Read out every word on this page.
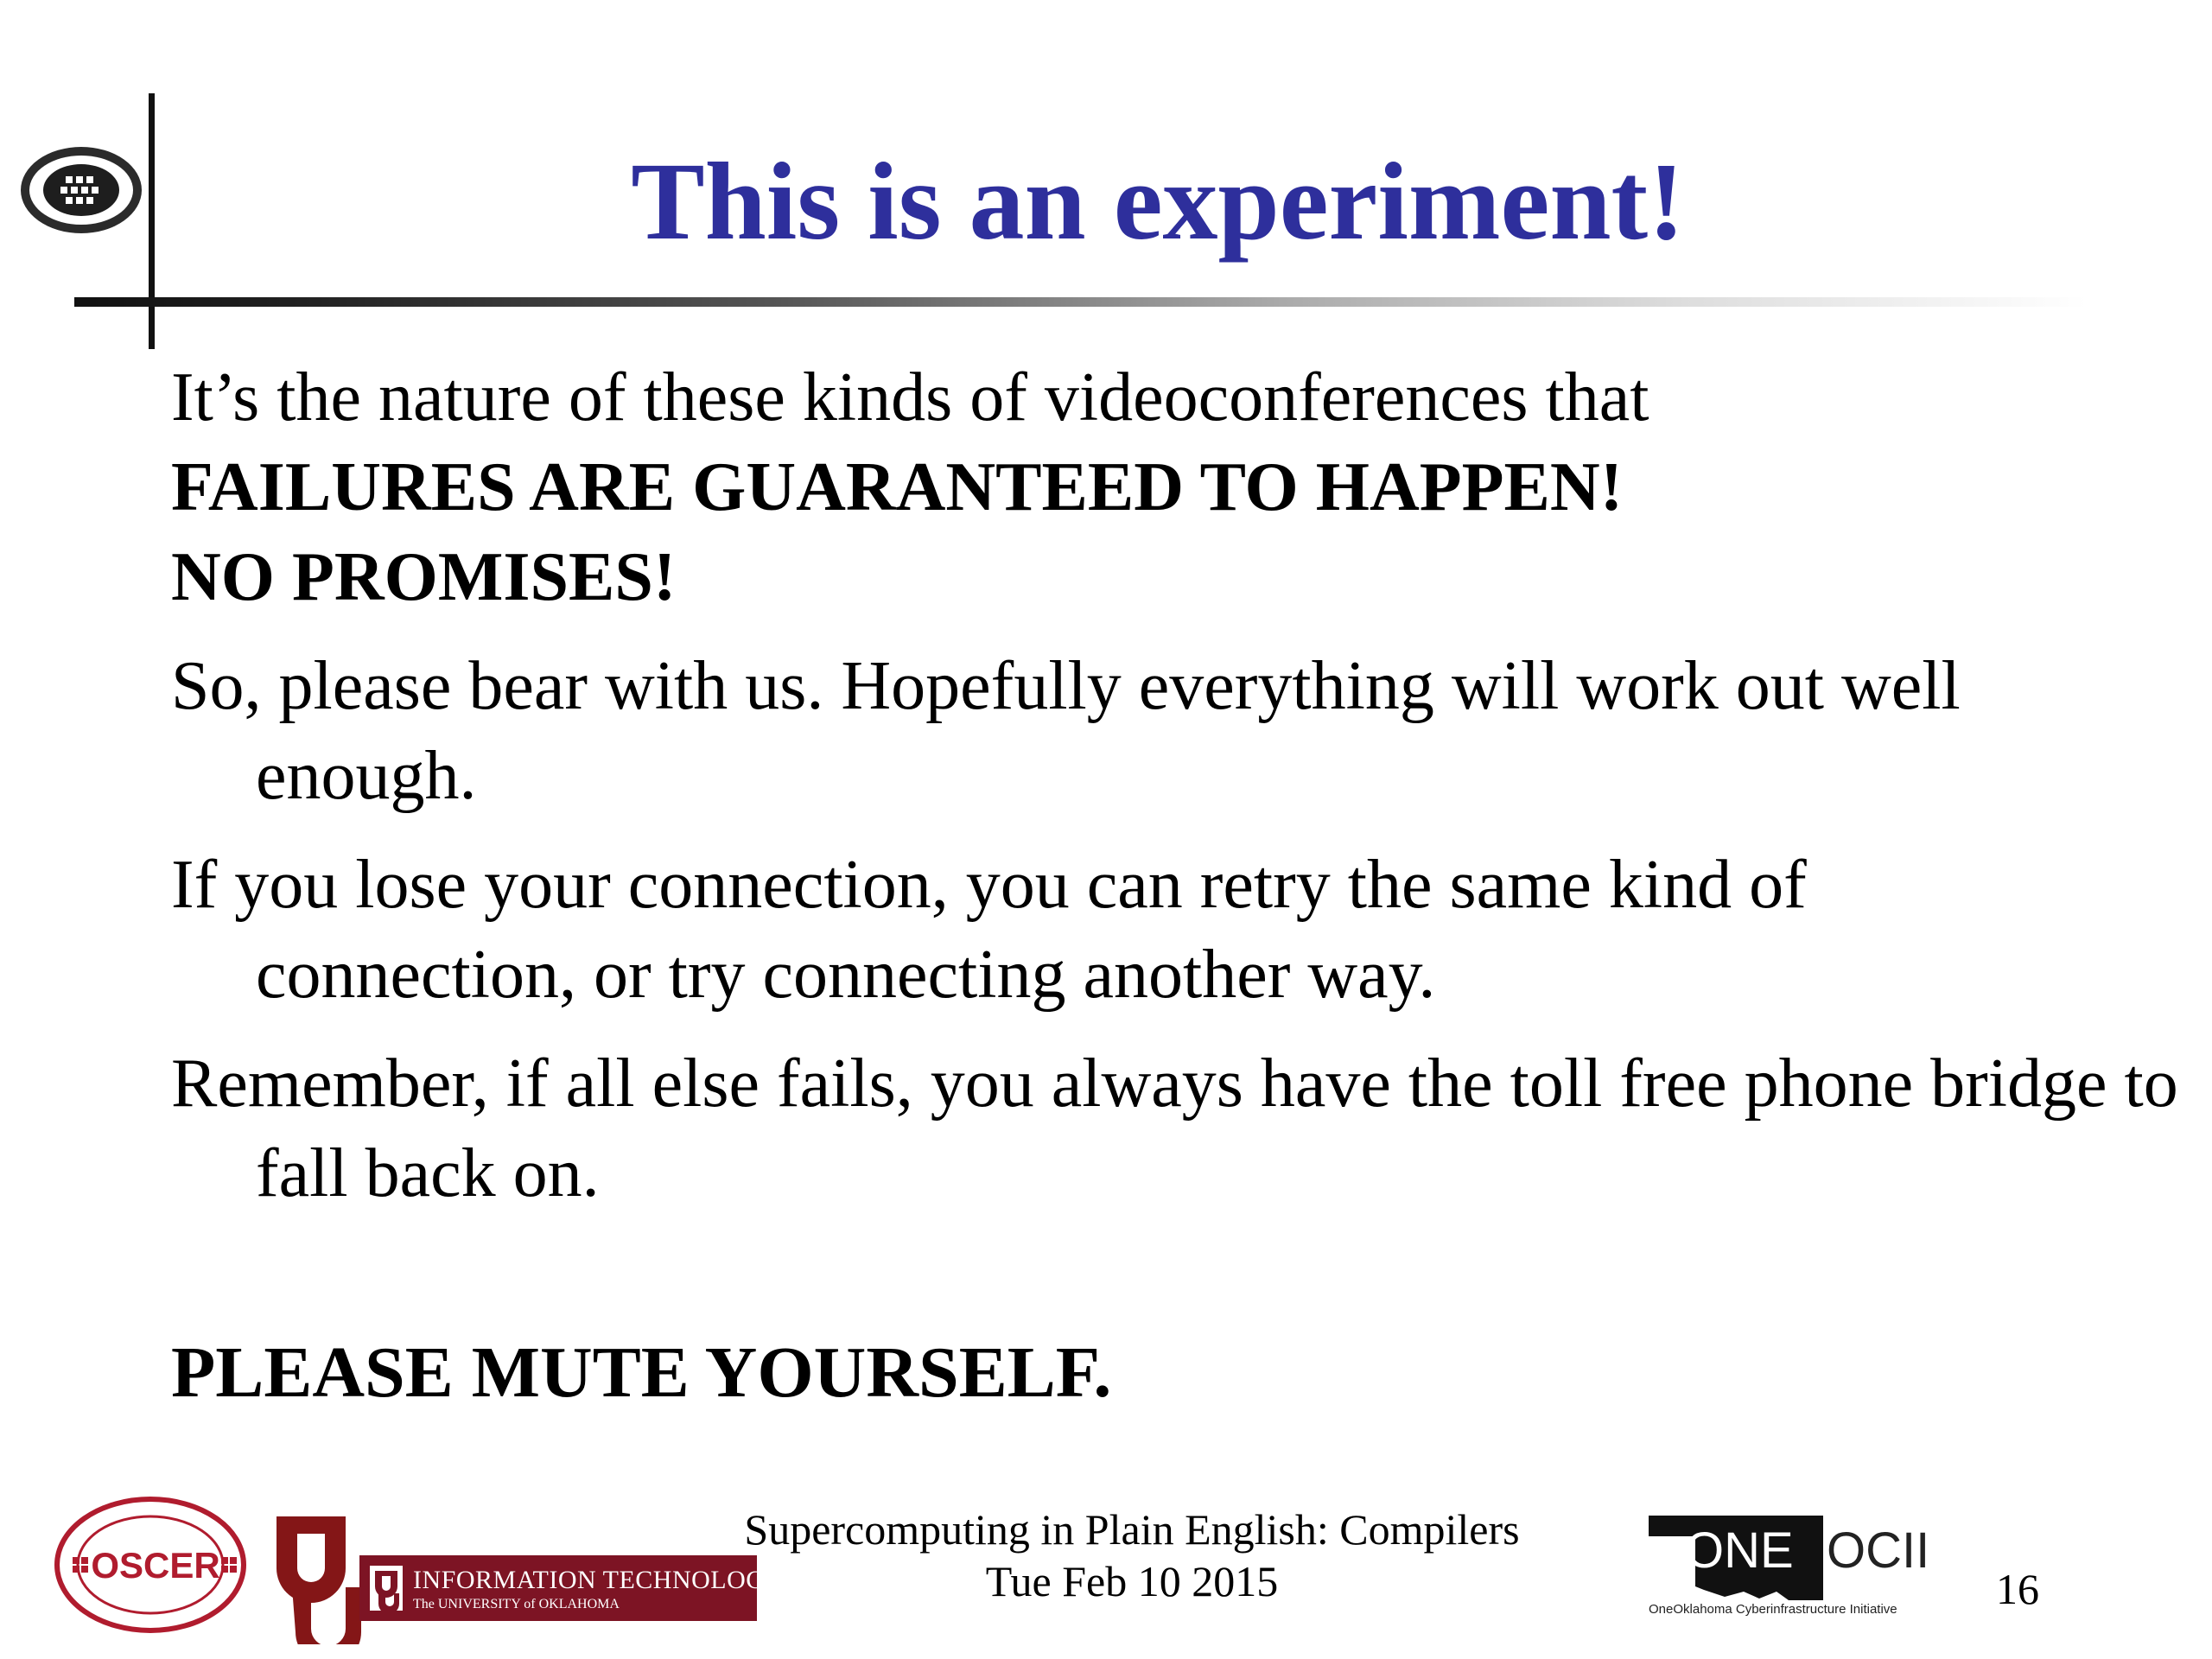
This is an experiment!
It’s the nature of these kinds of videoconferences that
FAILURES ARE GUARANTEED TO HAPPEN!
NO PROMISES!
So, please bear with us. Hopefully everything will work out well enough.
If you lose your connection, you can retry the same kind of connection, or try connecting another way.
Remember, if all else fails, you always have the toll free phone bridge to fall back on.
PLEASE MUTE YOURSELF.
OSCER	INFORMATION TECHNOLOGY
The UNIVERSITY of OKLAHOMA
Supercomputing in Plain English: Compilers
Tue Feb 10 2015
ONE OCII
OneOklahoma Cyberinfrastructure Initiative 16
